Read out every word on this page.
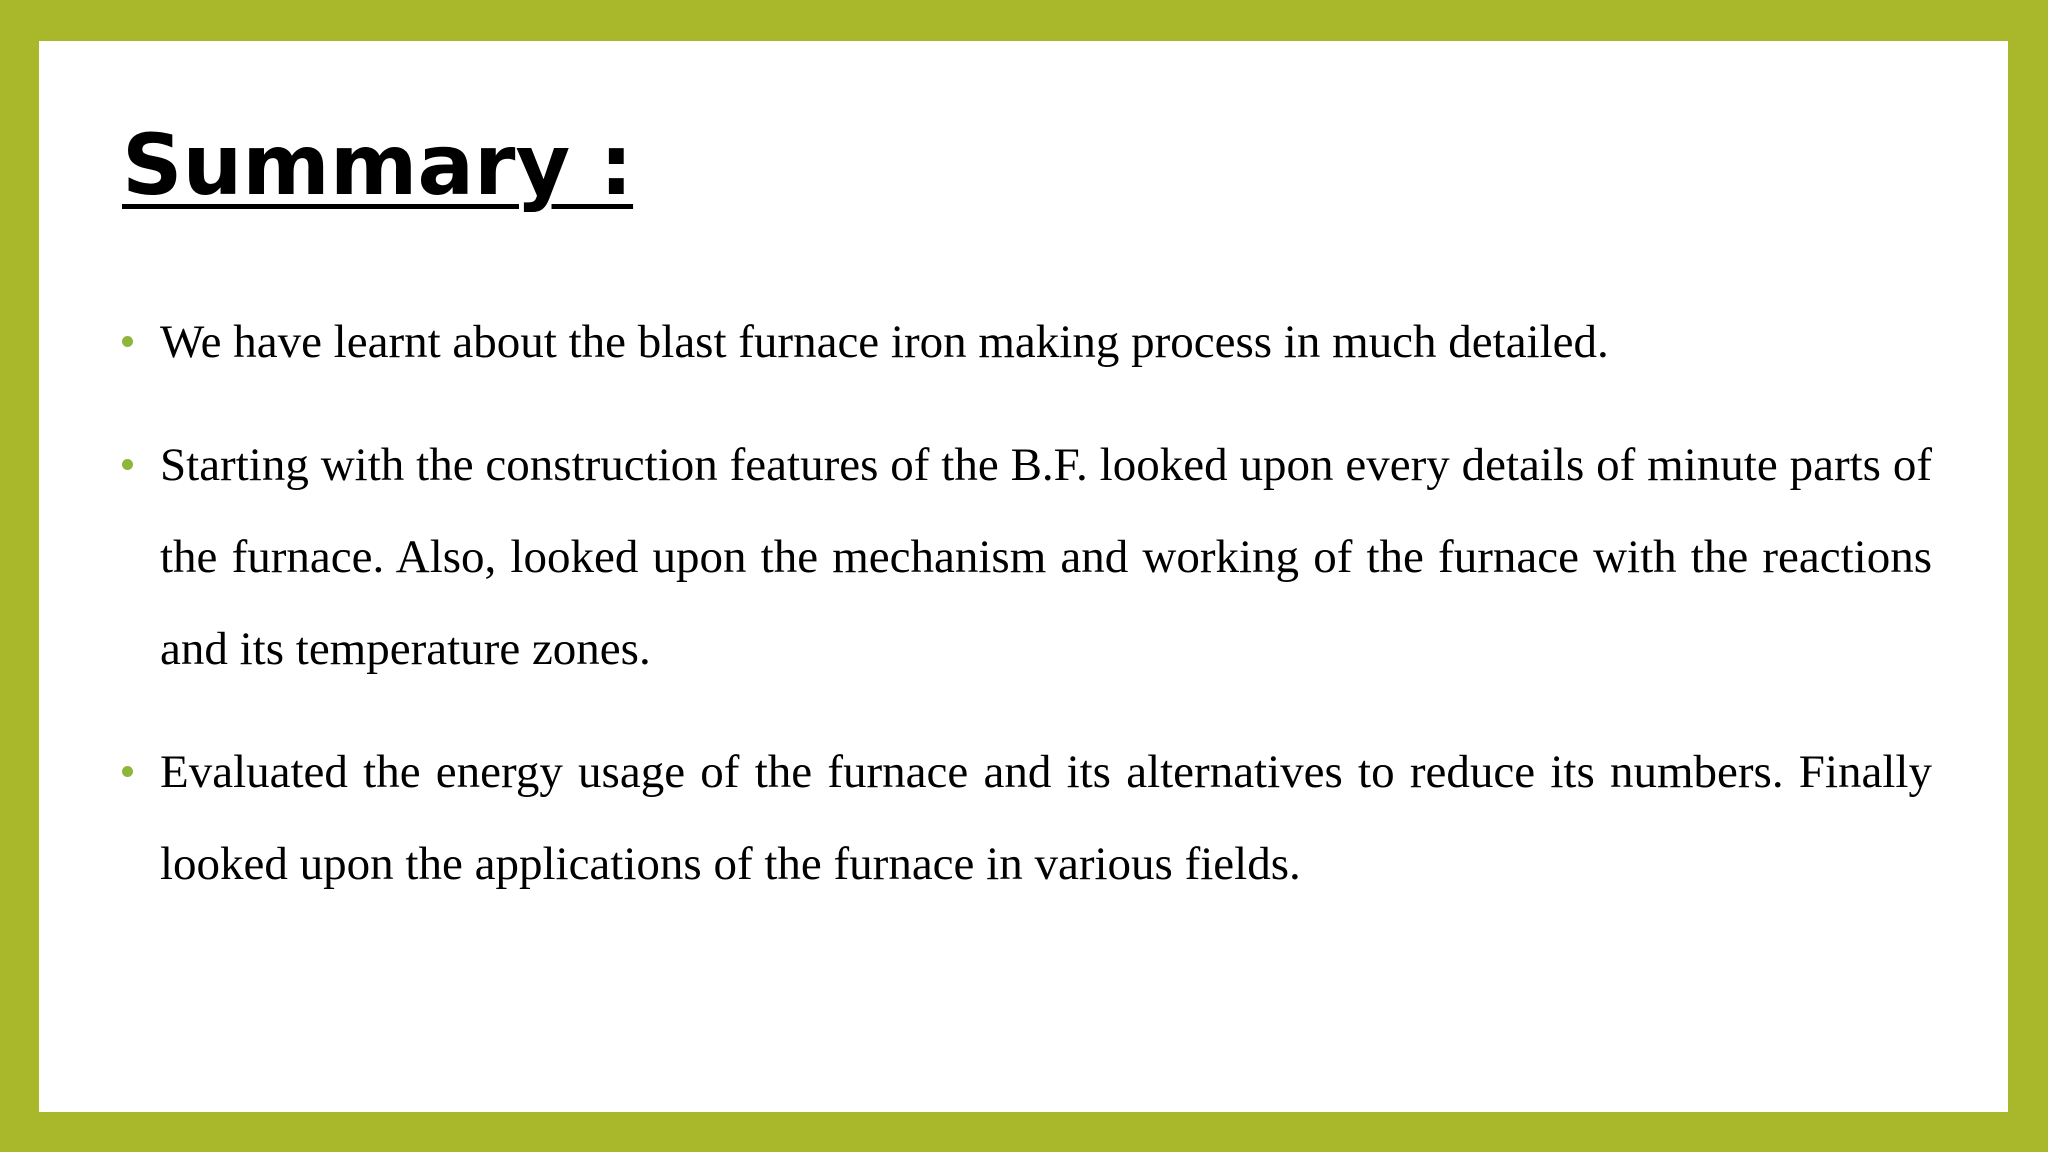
Summary :
We have learnt about the blast furnace iron making process in much detailed.
Starting with the construction features of the B.F. looked upon every details of minute parts of the furnace. Also, looked upon the mechanism and working of the furnace with the reactions and its temperature zones.
Evaluated the energy usage of the furnace and its alternatives to reduce its numbers. Finally looked upon the applications of the furnace in various fields.
